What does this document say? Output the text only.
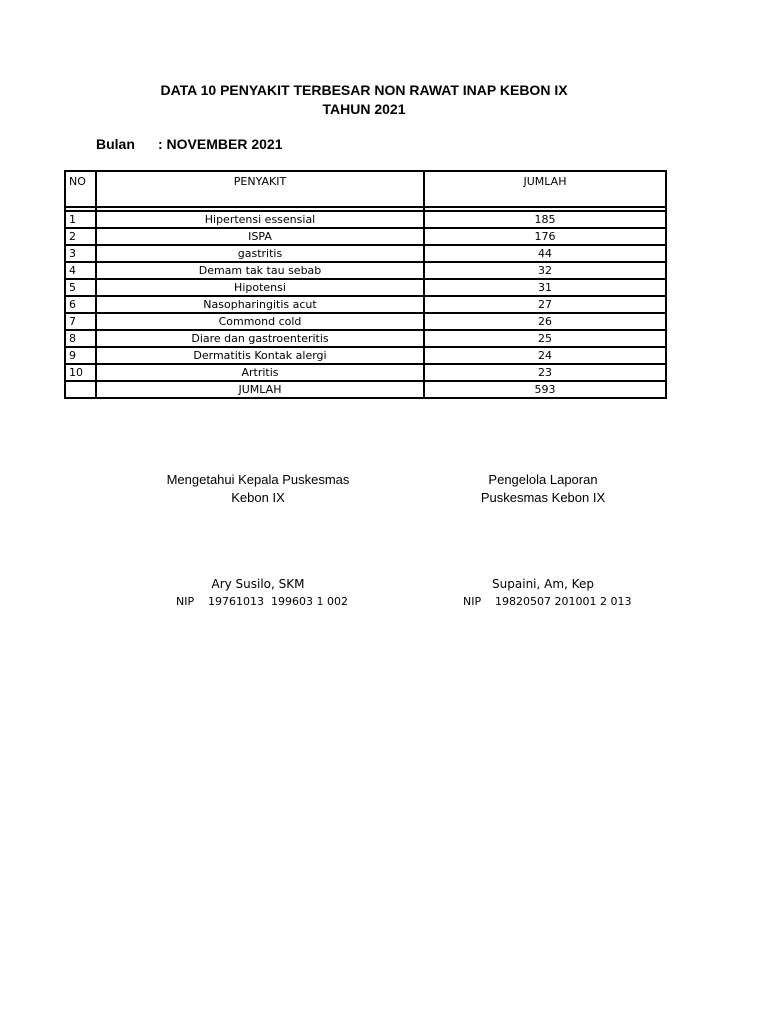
DATA 10 PENYAKIT TERBESAR NON RAWAT INAP KEBON IX
TAHUN 2021
Bulan : NOVEMBER 2021
NO	PENYAKIT	JUMLAH

1	Hipertensi essensial	185
2	ISPA	176
3	gastritis	44
4	Demam tak tau sebab	32
5	Hipotensi	31
6	Nasopharingitis acut	27
7	Commond cold	26
8	Diare dan gastroenteritis	25
9	Dermatitis Kontak alergi	24
10	Artritis	23
	JUMLAH	593
Mengetahui Kepala Puskesmas
Kebon IX
Pengelola Laporan
Puskesmas Kebon IX
Ary Susilo, SKM	Supaini, Am, Kep
NIP 19761013  199603 1 002	NIP 19820507 201001 2 013
